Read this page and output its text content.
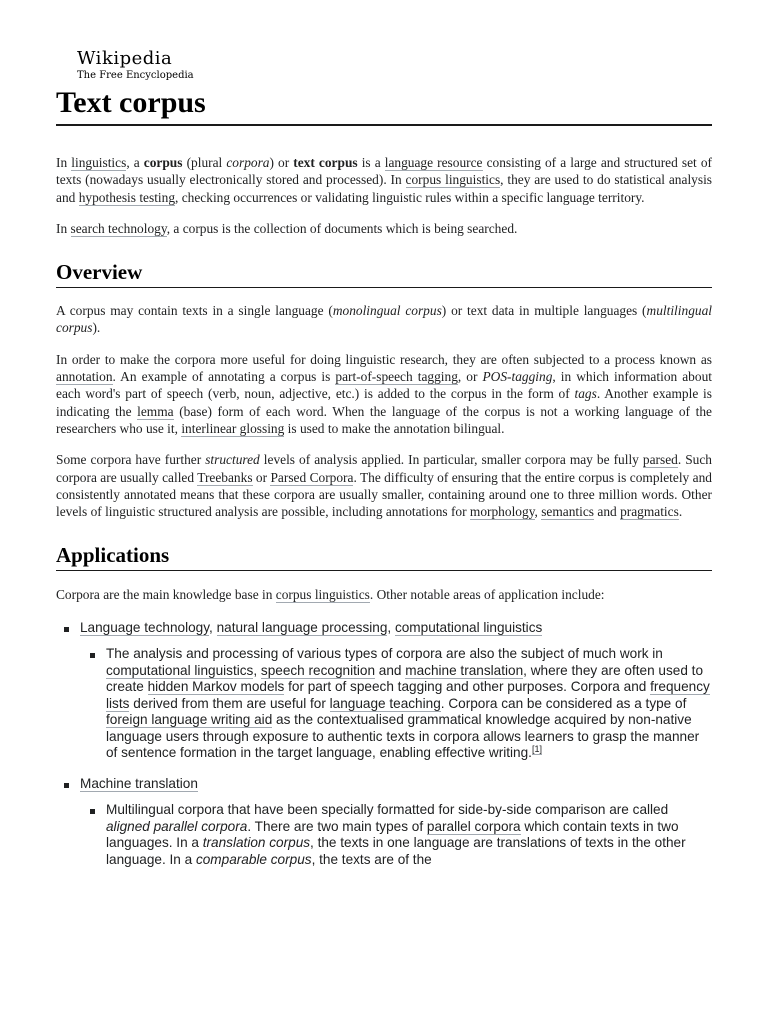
Wikipedia
The Free Encyclopedia
Text corpus

In linguistics, a corpus (plural corpora) or text corpus is a language resource consisting of a large and structured set of texts (nowadays usually electronically stored and processed). In corpus linguistics, they are used to do statistical analysis and hypothesis testing, checking occurrences or validating linguistic rules within a specific language territory.

In search technology, a corpus is the collection of documents which is being searched.

Overview

A corpus may contain texts in a single language (monolingual corpus) or text data in multiple languages (multilingual corpus).

In order to make the corpora more useful for doing linguistic research, they are often subjected to a process known as annotation. An example of annotating a corpus is part-of-speech tagging, or POS-tagging, in which information about each word's part of speech (verb, noun, adjective, etc.) is added to the corpus in the form of tags. Another example is indicating the lemma (base) form of each word. When the language of the corpus is not a working language of the researchers who use it, interlinear glossing is used to make the annotation bilingual.

Some corpora have further structured levels of analysis applied. In particular, smaller corpora may be fully parsed. Such corpora are usually called Treebanks or Parsed Corpora. The difficulty of ensuring that the entire corpus is completely and consistently annotated means that these corpora are usually smaller, containing around one to three million words. Other levels of linguistic structured analysis are possible, including annotations for morphology, semantics and pragmatics.

Applications

Corpora are the main knowledge base in corpus linguistics. Other notable areas of application include:

Language technology, natural language processing, computational linguistics
The analysis and processing of various types of corpora are also the subject of much work in computational linguistics, speech recognition and machine translation, where they are often used to create hidden Markov models for part of speech tagging and other purposes. Corpora and frequency lists derived from them are useful for language teaching. Corpora can be considered as a type of foreign language writing aid as the contextualised grammatical knowledge acquired by non-native language users through exposure to authentic texts in corpora allows learners to grasp the manner of sentence formation in the target language, enabling effective writing.[1]
Machine translation
Multilingual corpora that have been specially formatted for side-by-side comparison are called aligned parallel corpora. There are two main types of parallel corpora which contain texts in two languages. In a translation corpus, the texts in one language are translations of texts in the other language. In a comparable corpus, the texts are of the
